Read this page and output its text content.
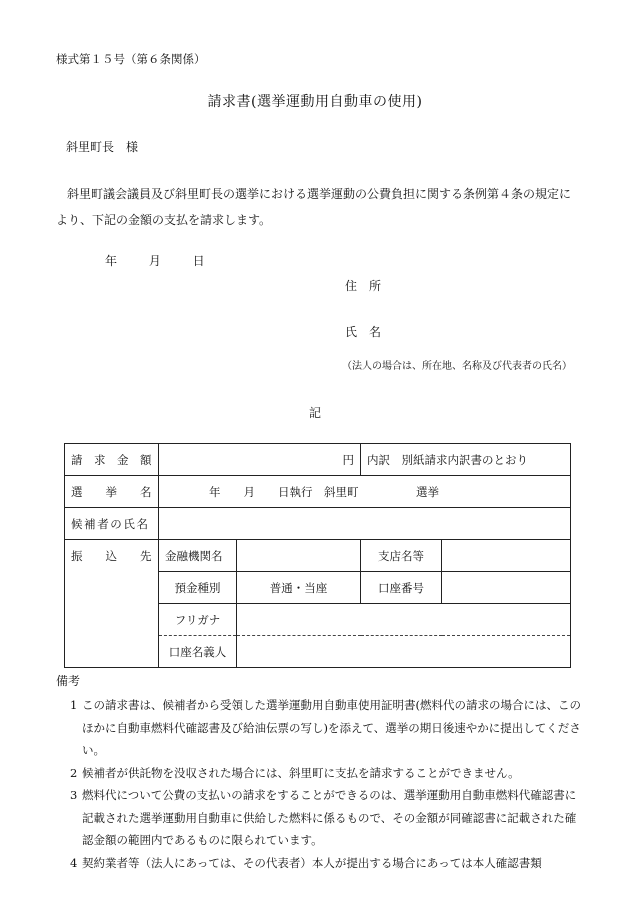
様式第１５号（第６条関係）
請求書(選挙運動用自動車の使用)
斜里町長　様
斜里町議会議員及び斜里町長の選挙における選挙運動の公費負担に関する条例第４条の規定により、下記の金額の支払を請求します。
年 月 日
住　所
氏　名
（法人の場合は、所在地、名称及び代表者の氏名）
記
請　求　金　額	円		内訳　別紙請求内訳書のとおり	

選　　挙　　名	年　　月　　日執行　斜里町　　　　　選挙			

候補者の氏名				

振　　込　　先	金融機関名		支店名等	
	預金種別	普通・当座	口座番号	
	フリガナ			
	口座名義人			
備考
1 この請求書は、候補者から受領した選挙運動用自動車使用証明書(燃料代の請求の場合には、このほかに自動車燃料代確認書及び給油伝票の写し)を添えて、選挙の期日後速やかに提出してください。
2 候補者が供託物を没収された場合には、斜里町に支払を請求することができません。
3 燃料代について公費の支払いの請求をすることができるのは、選挙運動用自動車燃料代確認書に記載された選挙運動用自動車に供給した燃料に係るもので、その金額が同確認書に記載された確認金額の範囲内であるものに限られています。
4 契約業者等（法人にあっては、その代表者）本人が提出する場合にあっては本人確認書類
